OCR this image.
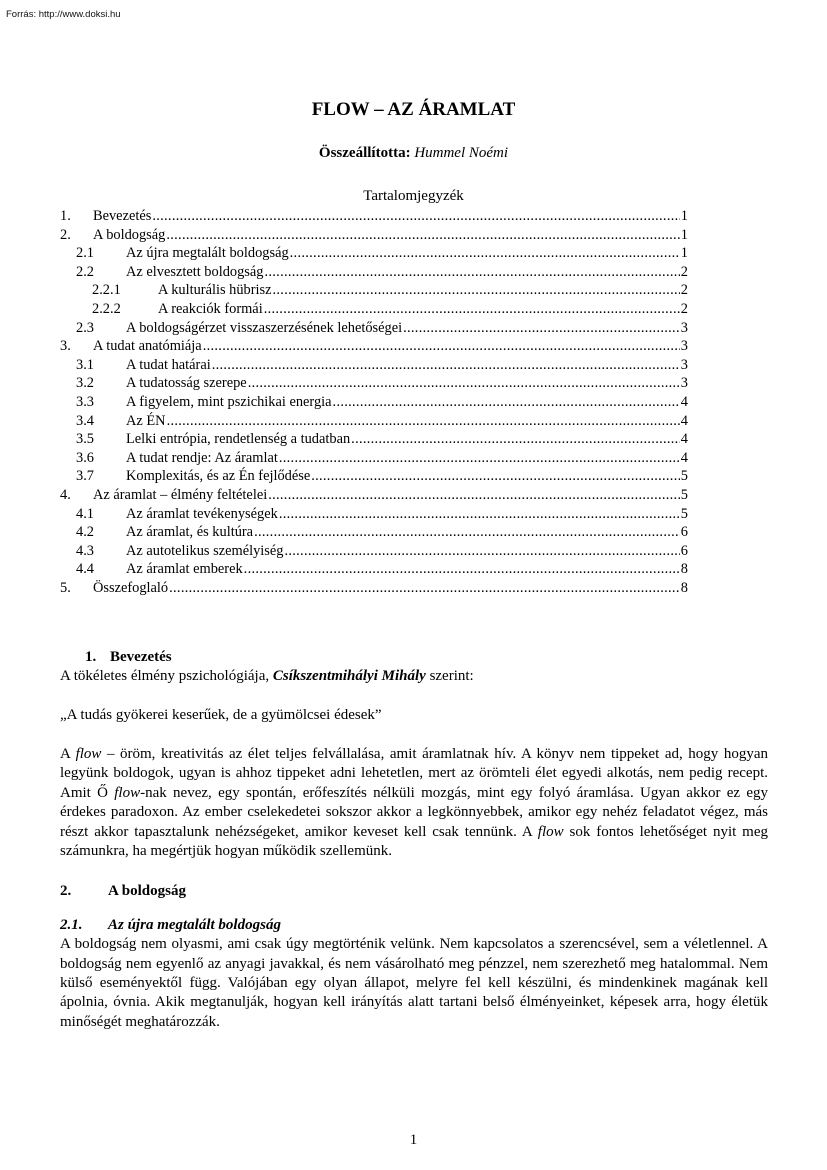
Forrás: http://www.doksi.hu
FLOW – AZ ÁRAMLAT
Összeállította: Hummel Noémi
Tartalomjegyzék
1.	Bevezetés .....	1
2.	A boldogság .....	1
2.1	Az újra megtalált boldogság .....	1
2.2	Az elvesztett boldogság .....	2
2.2.1	A kulturális hübrisz .....	2
2.2.2	A reakciók formái .....	2
2.3	A boldogságérzet visszaszerzésének lehetőségei .....	3
3.	A tudat anatómiája .....	3
3.1	A tudat határai .....	3
3.2	A tudatosság szerepe .....	3
3.3	A figyelem, mint pszichikai energia .....	4
3.4	Az ÉN .....	4
3.5	Lelki entrópia, rendetlenség a tudatban .....	4
3.6	A tudat rendje: Az áramlat .....	4
3.7	Komplexitás, és az Én fejlődése .....	5
4.	Az áramlat – élmény feltételei .....	5
4.1	Az áramlat tevékenységek .....	5
4.2	Az áramlat, és kultúra .....	6
4.3	Az autotelikus személyiség .....	6
4.4	Az áramlat emberek .....	8
5.	Összefoglaló .....	8
1. Bevezetés

A tökéletes élmény pszichológiája, Csíkszentmihályi Mihály szerint:

„A tudás gyökerei keserűek, de a gyümölcsei édesek”

A flow – öröm, kreativitás az élet teljes felvállalása, amit áramlatnak hív. A könyv nem tippeket ad, hogy hogyan legyünk boldogok, ugyan is ahhoz tippeket adni lehetetlen, mert az örömteli élet egyedi alkotás, nem pedig recept. Amit Ő flow-nak nevez, egy spontán, erőfeszítés nélküli mozgás, mint egy folyó áramlása. Ugyan akkor ez egy érdekes paradoxon. Az ember cselekedetei sokszor akkor a legkönnyebbek, amikor egy nehéz feladatot végez, más részt akkor tapasztalunk nehézségeket, amikor keveset kell csak tennünk. A flow sok fontos lehetőséget nyit meg számunkra, ha megértjük hogyan működik szellemünk.

2. A boldogság
2.1. Az újra megtalált boldogság

A boldogság nem olyasmi, ami csak úgy megtörténik velünk. Nem kapcsolatos a szerencsével, sem a véletlennel. A boldogság nem egyenlő az anyagi javakkal, és nem vásárolható meg pénzzel, nem szerezhető meg hatalommal. Nem külső eseményektől függ. Valójában egy olyan állapot, melyre fel kell készülni, és mindenkinek magának kell ápolnia, óvnia. Akik megtanulják, hogyan kell irányítás alatt tartani belső élményeinket, képesek arra, hogy életük minőségét meghatározzák.

1
